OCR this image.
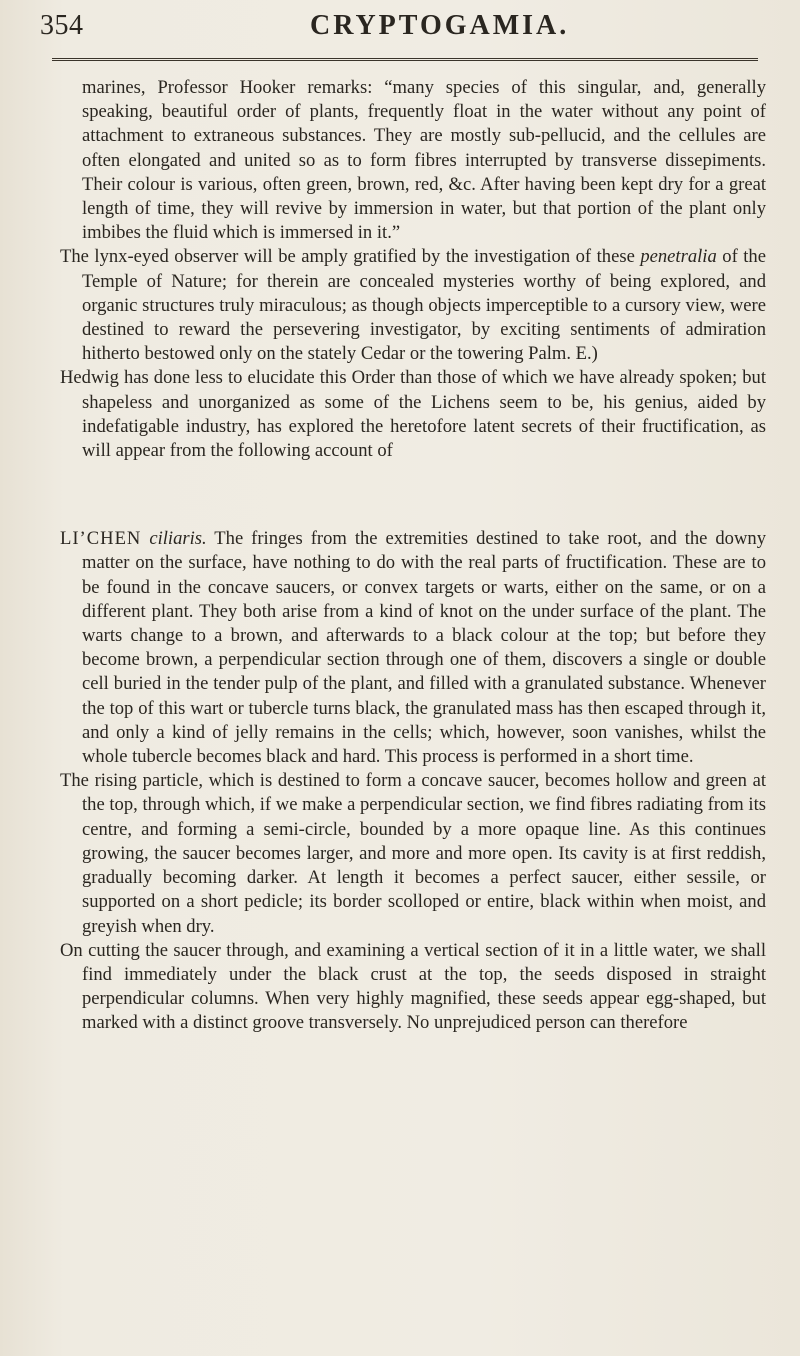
354	CRYPTOGAMIA.

marines, Professor Hooker remarks: “many species of this singular, and, generally speaking, beautiful order of plants, frequently float in the water without any point of attachment to extraneous substances. They are mostly sub-pellucid, and the cellules are often elongated and united so as to form fibres interrupted by transverse dissepiments. Their colour is various, often green, brown, red, &c. After having been kept dry for a great length of time, they will revive by immersion in water, but that portion of the plant only imbibes the fluid which is immersed in it.”

The lynx-eyed observer will be amply gratified by the investigation of these penetralia of the Temple of Nature; for therein are concealed mysteries worthy of being explored, and organic structures truly miraculous; as though objects imperceptible to a cursory view, were destined to reward the persevering investigator, by exciting sentiments of admiration hitherto bestowed only on the stately Cedar or the towering Palm. E.)

Hedwig has done less to elucidate this Order than those of which we have already spoken; but shapeless and unorganized as some of the Lichens seem to be, his genius, aided by indefatigable industry, has explored the heretofore latent secrets of their fructification, as will appear from the following account of

LI’CHEN ciliaris. The fringes from the extremities destined to take root, and the downy matter on the surface, have nothing to do with the real parts of fructification. These are to be found in the concave saucers, or convex targets or warts, either on the same, or on a different plant. They both arise from a kind of knot on the under surface of the plant. The warts change to a brown, and afterwards to a black colour at the top; but before they become brown, a perpendicular section through one of them, discovers a single or double cell buried in the tender pulp of the plant, and filled with a granulated substance. Whenever the top of this wart or tubercle turns black, the granulated mass has then escaped through it, and only a kind of jelly remains in the cells; which, however, soon vanishes, whilst the whole tubercle becomes black and hard. This process is performed in a short time.

The rising particle, which is destined to form a concave saucer, becomes hollow and green at the top, through which, if we make a perpendicular section, we find fibres radiating from its centre, and forming a semi-circle, bounded by a more opaque line. As this continues growing, the saucer becomes larger, and more and more open. Its cavity is at first reddish, gradually becoming darker. At length it becomes a perfect saucer, either sessile, or supported on a short pedicle; its border scolloped or entire, black within when moist, and greyish when dry.

On cutting the saucer through, and examining a vertical section of it in a little water, we shall find immediately under the black crust at the top, the seeds disposed in straight perpendicular columns. When very highly magnified, these seeds appear egg-shaped, but marked with a distinct groove transversely. No unprejudiced person can therefore
